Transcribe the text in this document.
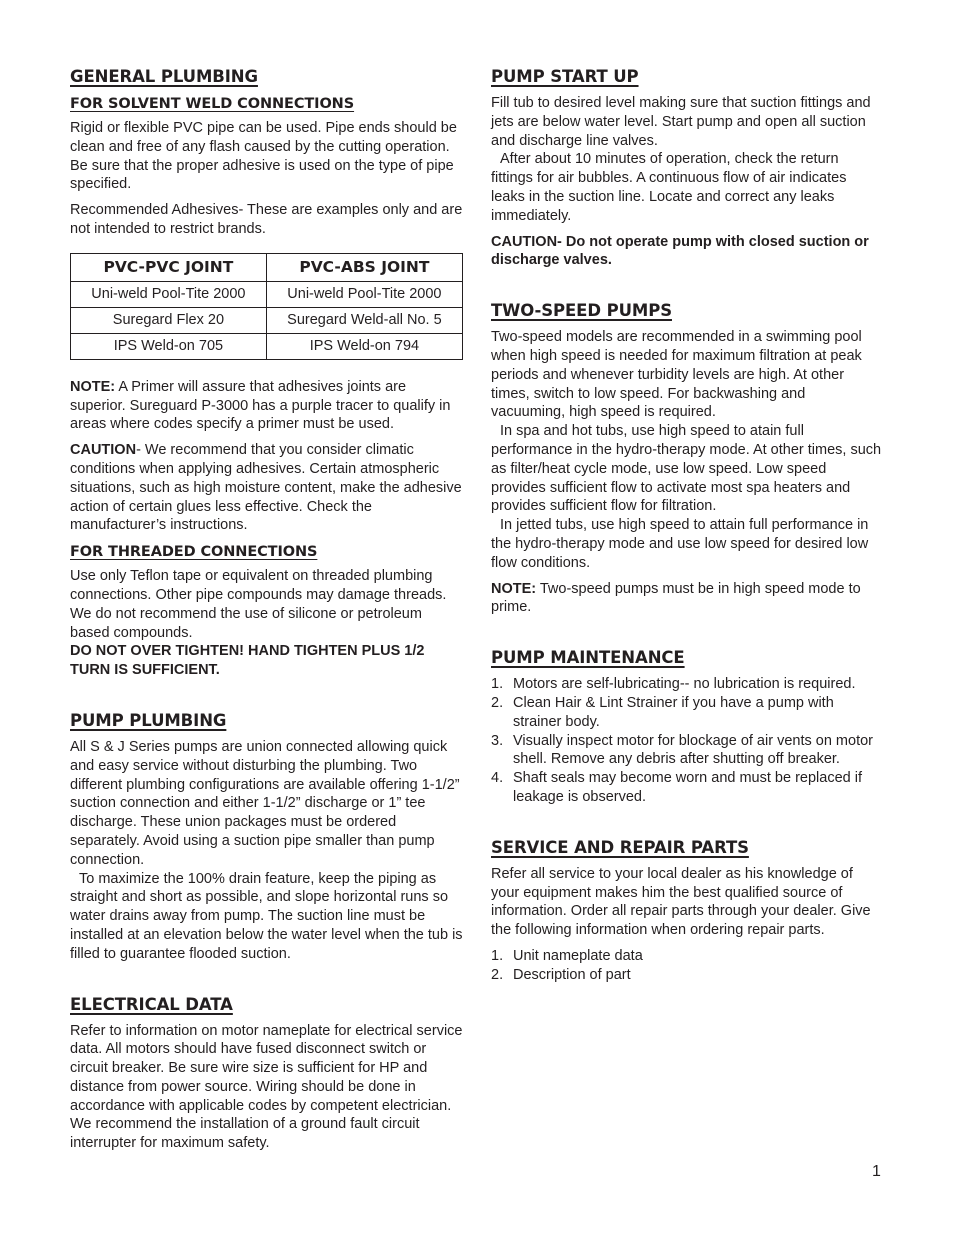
GENERAL PLUMBING
FOR SOLVENT WELD CONNECTIONS

Rigid or flexible PVC pipe can be used. Pipe ends should be clean and free of any flash caused by the cutting operation. Be sure that the proper adhesive is used on the type of pipe specified.

Recommended Adhesives- These are examples only and are not intended to restrict brands.

PVC-PVC JOINT	PVC-ABS JOINT
Uni-weld Pool-Tite 2000	Uni-weld Pool-Tite 2000
Suregard Flex 20	Suregard Weld-all No. 5
IPS Weld-on 705	IPS Weld-on 794

NOTE: A Primer will assure that adhesives joints are superior. Sureguard P-3000 has a purple tracer to qualify in areas where codes specify a primer must be used.

CAUTION- We recommend that you consider climatic conditions when applying adhesives. Certain atmospheric situations, such as high moisture content, make the adhesive action of certain glues less effective. Check the manufacturer’s instructions.

FOR THREADED CONNECTIONS

Use only Teflon tape or equivalent on threaded plumbing connections. Other pipe compounds may damage threads. We do not recommend the use of silicone or petroleum based compounds.

DO NOT OVER TIGHTEN! HAND TIGHTEN PLUS 1/2 TURN IS SUFFICIENT.

PUMP PLUMBING

All S & J Series pumps are union connected allowing quick and easy service without disturbing the plumbing. Two different plumbing configurations are available offering 1-1/2” suction connection and either 1-1/2” discharge or 1” tee discharge. These union packages must be ordered separately. Avoid using a suction pipe smaller than pump connection.

To maximize the 100% drain feature, keep the piping as straight and short as possible, and slope horizontal runs so water drains away from pump. The suction line must be installed at an elevation below the water level when the tub is filled to guarantee flooded suction.

ELECTRICAL DATA

Refer to information on motor nameplate for electrical service data. All motors should have fused disconnect switch or circuit breaker. Be sure wire size is sufficient for HP and distance from power source. Wiring should be done in accordance with applicable codes by competent electrician. We recommend the installation of a ground fault circuit interrupter for maximum safety.

PUMP START UP

Fill tub to desired level making sure that suction fittings and jets are below water level. Start pump and open all suction and discharge line valves.

After about 10 minutes of operation, check the return fittings for air bubbles. A continuous flow of air indicates leaks in the suction line. Locate and correct any leaks immediately.

CAUTION- Do not operate pump with closed suction or discharge valves.

TWO-SPEED PUMPS

Two-speed models are recommended in a swimming pool when high speed is needed for maximum filtration at peak periods and whenever turbidity levels are high. At other times, switch to low speed. For backwashing and vacuuming, high speed is required.

In spa and hot tubs, use high speed to atain full performance in the hydro-therapy mode. At other times, such as filter/heat cycle mode, use low speed. Low speed provides sufficient flow to activate most spa heaters and provides sufficient flow for filtration.

In jetted tubs, use high speed to attain full performance in the hydro-therapy mode and use low speed for desired low flow conditions.

NOTE: Two-speed pumps must be in high speed mode to prime.

PUMP MAINTENANCE
1. Motors are self-lubricating-- no lubrication is required.
2. Clean Hair & Lint Strainer if you have a pump with strainer body.
3. Visually inspect motor for blockage of air vents on motor shell. Remove any debris after shutting off breaker.
4. Shaft seals may become worn and must be replaced if leakage is observed.
SERVICE AND REPAIR PARTS

Refer all service to your local dealer as his knowledge of your equipment makes him the best qualified source of information. Order all repair parts through your dealer. Give the following information when ordering repair parts.

1. Unit nameplate data
2. Description of part
1
